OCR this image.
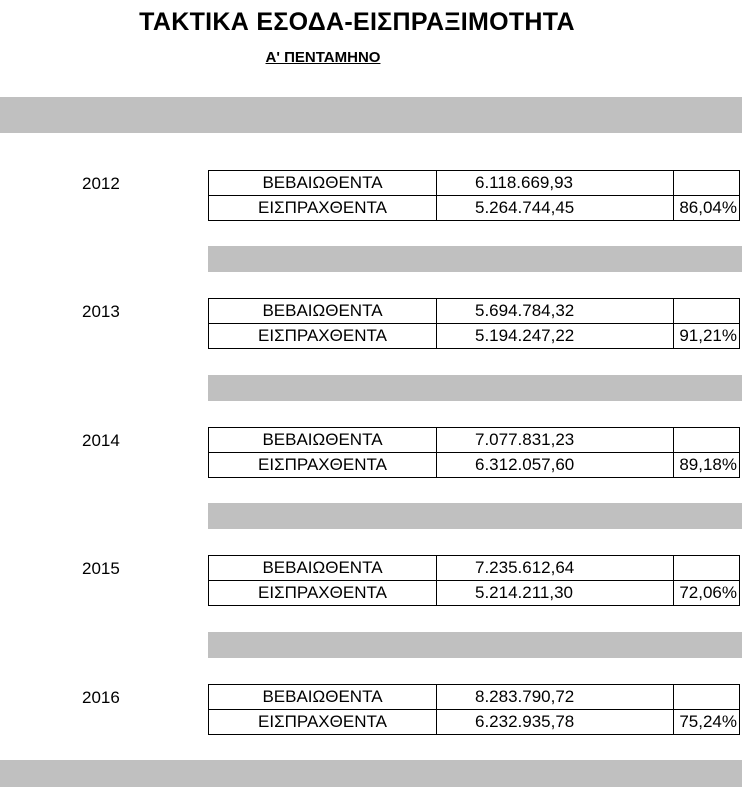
ΤΑΚΤΙΚΑ ΕΣΟΔΑ-ΕΙΣΠΡΑΞΙΜΟΤΗΤΑ
Α' ΠΕΝΤΑΜΗΝΟ
2012	ΒΕΒΑΙΩΘΕΝΤΑ	6.118.669,93	
ΕΙΣΠΡΑΧΘΕΝΤΑ	5.264.744,45	86,04%
2013	ΒΕΒΑΙΩΘΕΝΤΑ	5.694.784,32	
ΕΙΣΠΡΑΧΘΕΝΤΑ	5.194.247,22	91,21%
2014	ΒΕΒΑΙΩΘΕΝΤΑ	7.077.831,23	
ΕΙΣΠΡΑΧΘΕΝΤΑ	6.312.057,60	89,18%
2015	ΒΕΒΑΙΩΘΕΝΤΑ	7.235.612,64	
ΕΙΣΠΡΑΧΘΕΝΤΑ	5.214.211,30	72,06%
2016	ΒΕΒΑΙΩΘΕΝΤΑ	8.283.790,72	
ΕΙΣΠΡΑΧΘΕΝΤΑ	6.232.935,78	75,24%
